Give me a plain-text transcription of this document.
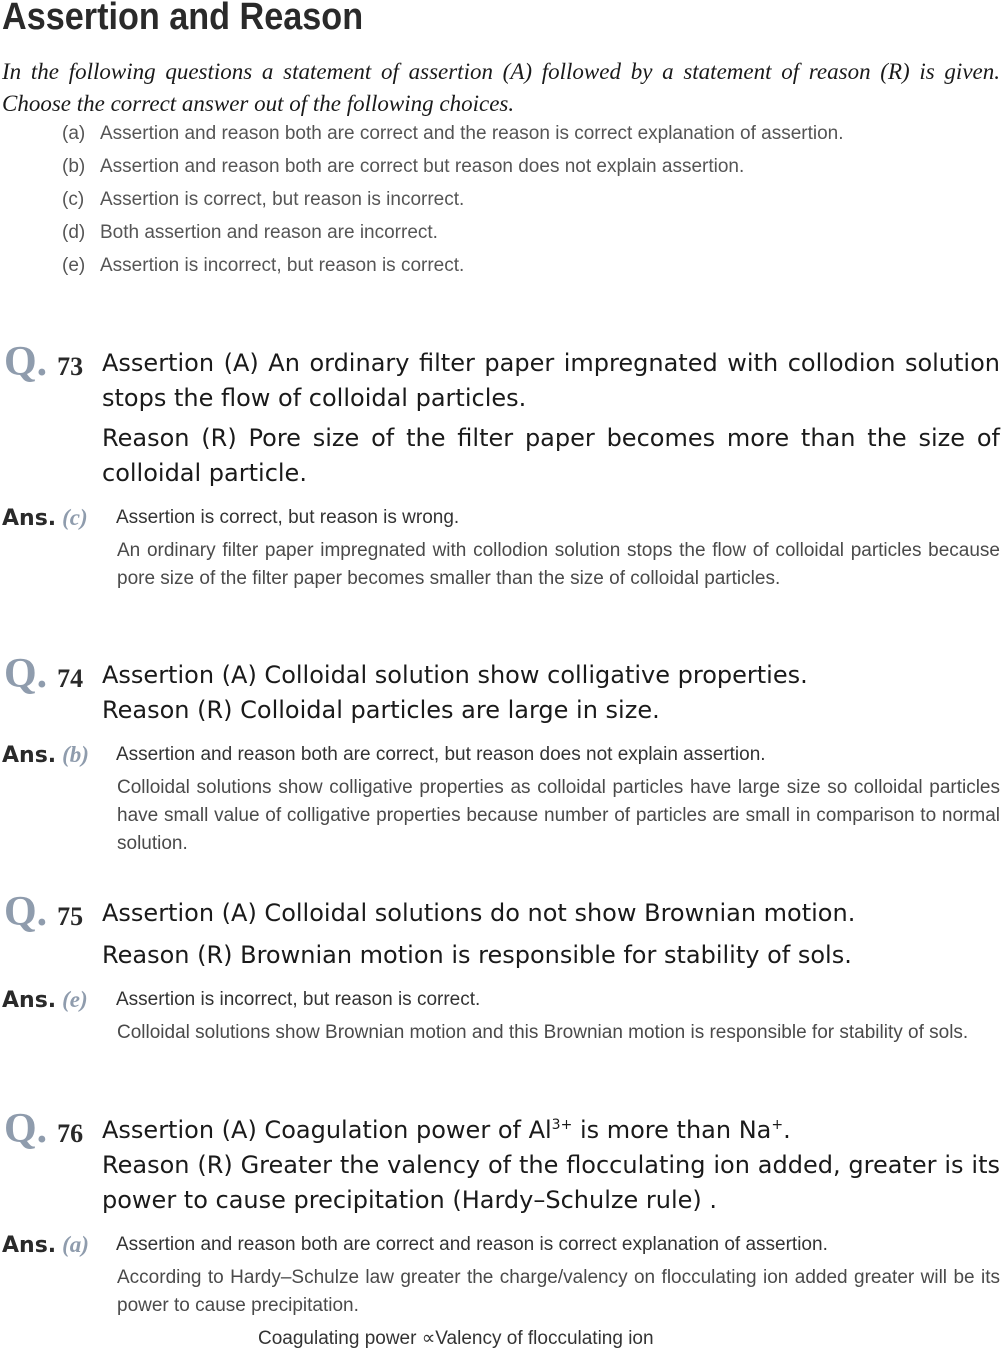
Assertion and Reason

In the following questions a statement of assertion (A) followed by a statement of reason (R) is given. Choose the correct answer out of the following choices.

(a) Assertion and reason both are correct and the reason is correct explanation of assertion.
(b) Assertion and reason both are correct but reason does not explain assertion.
(c) Assertion is correct, but reason is incorrect.
(d) Both assertion and reason are incorrect.
(e) Assertion is incorrect, but reason is correct.
Q. 73 Assertion (A) An ordinary filter paper impregnated with collodion solution stops the flow of colloidal particles.

Reason (R) Pore size of the filter paper becomes more than the size of colloidal particle.

Ans. (c) Assertion is correct, but reason is wrong.

An ordinary filter paper impregnated with collodion solution stops the flow of colloidal particles because pore size of the filter paper becomes smaller than the size of colloidal particles.

Q. 74 Assertion (A) Colloidal solution show colligative properties.

Reason (R) Colloidal particles are large in size.

Ans. (b) Assertion and reason both are correct, but reason does not explain assertion.

Colloidal solutions show colligative properties as colloidal particles have large size so colloidal particles have small value of colligative properties because number of particles are small in comparison to normal solution.

Q. 75 Assertion (A) Colloidal solutions do not show Brownian motion.

Reason (R) Brownian motion is responsible for stability of sols.

Ans. (e) Assertion is incorrect, but reason is correct.

Colloidal solutions show Brownian motion and this Brownian motion is responsible for stability of sols.

Q. 76 Assertion (A) Coagulation power of $Al^{3+}$ is more than Na+.

Reason (R) Greater the valency of the flocculating ion added, greater is its power to cause precipitation (Hardy–Schulze rule) .

Ans. (a) Assertion and reason both are correct and reason is correct explanation of assertion.

According to Hardy–Schulze law greater the charge/valency on flocculating ion added greater will be its power to cause precipitation.

Coagulating power ∝Valency of flocculating ion
